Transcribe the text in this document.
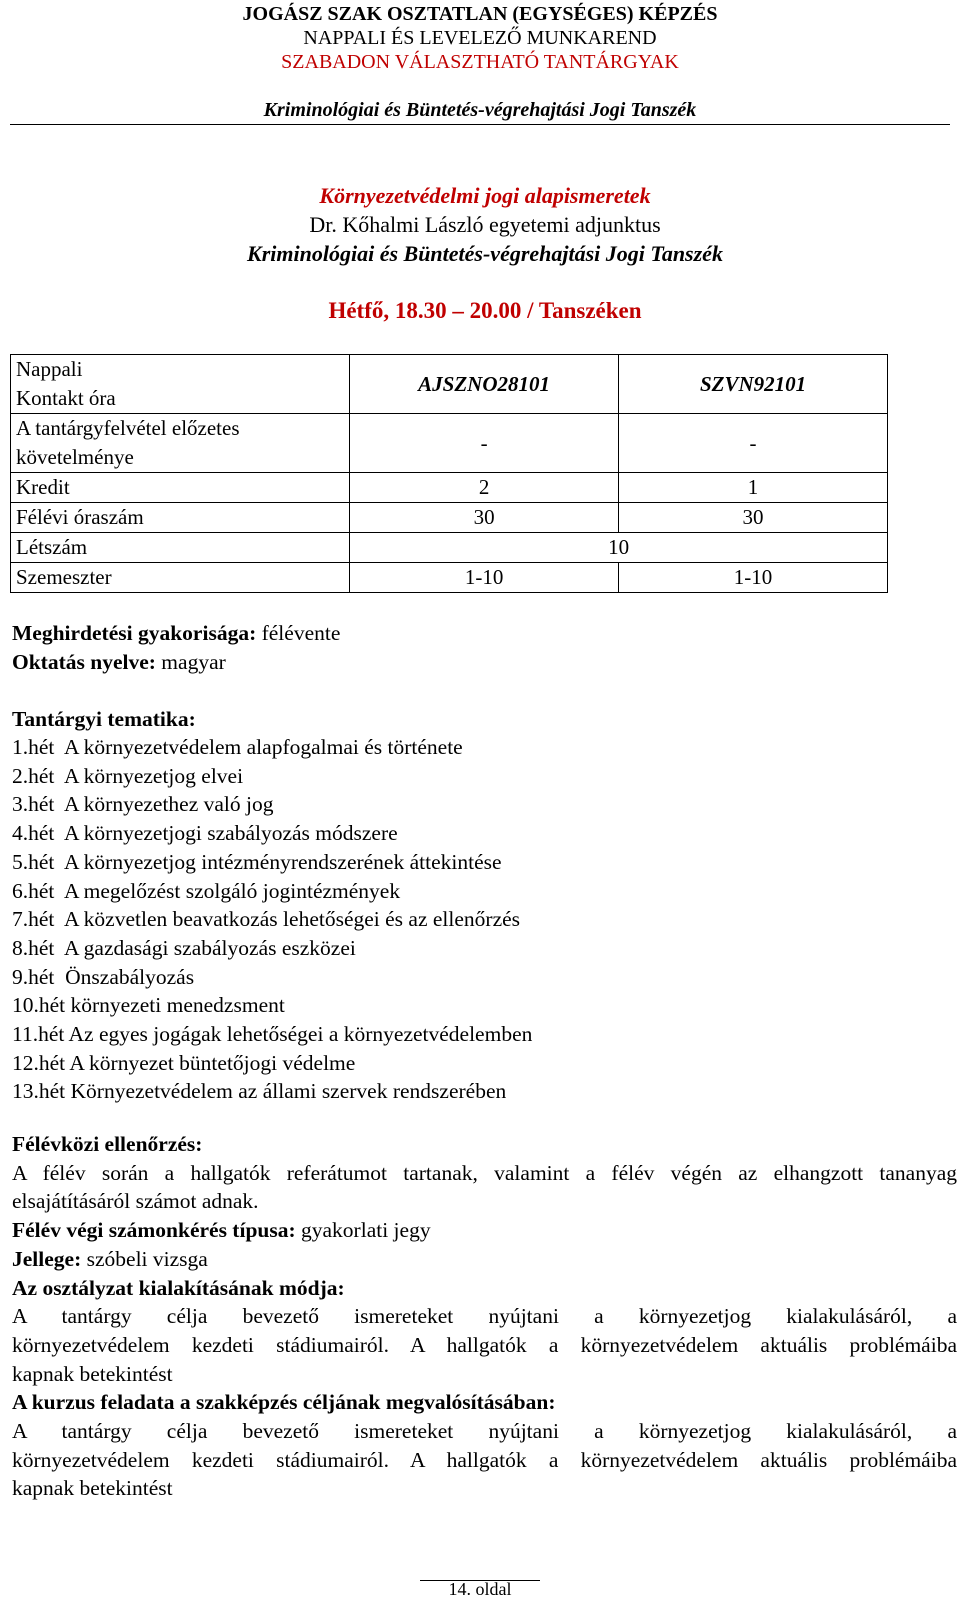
JOGÁSZ SZAK OSZTATLAN (EGYSÉGES) KÉPZÉS
NAPPALI ÉS LEVELEZŐ MUNKAREND
SZABADON VÁLASZTHATÓ TANTÁRGYAK
Kriminológiai és Büntetés-végrehajtási Jogi Tanszék
Környezetvédelmi jogi alapismeretek
Dr. Kőhalmi László egyetemi adjunktus
Kriminológiai és Büntetés-végrehajtási Jogi Tanszék
Hétfő, 18.30 – 20.00 / Tanszéken
Nappali
Kontakt óra	AJSZNO28101	SZVN92101

A tantárgyfelvétel előzetes
követelménye	-	-
Kredit	2	1
Félévi óraszám	30	30
Létszám	10	
Szemeszter	1-10	1-10
Meghirdetési gyakorisága: félévente
Oktatás nyelve: magyar
Tantárgyi tematika:
1.hét  A környezetvédelem alapfogalmai és története
2.hét  A környezetjog elvei
3.hét  A környezethez való jog
4.hét  A környezetjogi szabályozás módszere
5.hét  A környezetjog intézményrendszerének áttekintése
6.hét  A megelőzést szolgáló jogintézmények
7.hét  A közvetlen beavatkozás lehetőségei és az ellenőrzés
8.hét  A gazdasági szabályozás eszközei
9.hét  Önszabályozás
10.hét környezeti menedzsment
11.hét Az egyes jogágak lehetőségei a környezetvédelemben
12.hét A környezet büntetőjogi védelme
13.hét Környezetvédelem az állami szervek rendszerében
Félévközi ellenőrzés:
A félév során a hallgatók referátumot tartanak, valamint a félév végén az elhangzott tananyag
elsajátításáról számot adnak.
Félév végi számonkérés típusa: gyakorlati jegy
Jellege: szóbeli vizsga
Az osztályzat kialakításának módja:
A tantárgy célja bevezető ismereteket nyújtani a környezetjog kialakulásáról, a
környezetvédelem kezdeti stádiumairól. A hallgatók a környezetvédelem aktuális problémáiba
kapnak betekintést
A kurzus feladata a szakképzés céljának megvalósításában:
A tantárgy célja bevezető ismereteket nyújtani a környezetjog kialakulásáról, a
környezetvédelem kezdeti stádiumairól. A hallgatók a környezetvédelem aktuális problémáiba
kapnak betekintést
14. oldal
